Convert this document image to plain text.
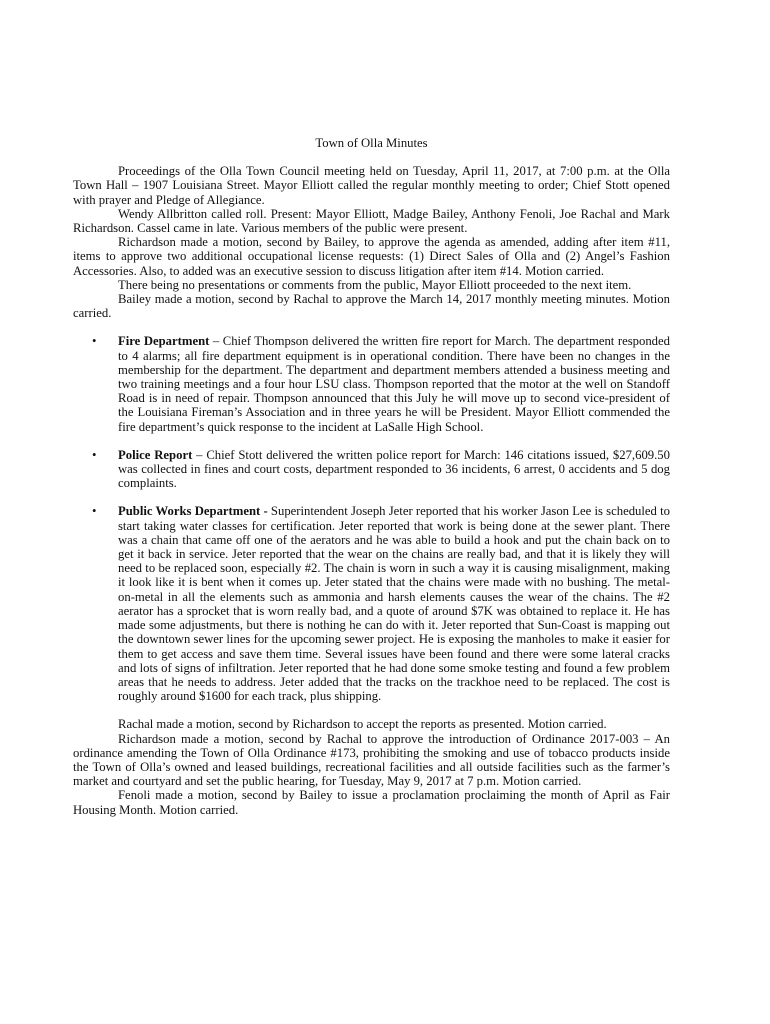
Town of Olla Minutes

Proceedings of the Olla Town Council meeting held on Tuesday, April 11, 2017, at 7:00 p.m. at the Olla Town Hall – 1907 Louisiana Street. Mayor Elliott called the regular monthly meeting to order; Chief Stott opened with prayer and Pledge of Allegiance.

Wendy Allbritton called roll. Present: Mayor Elliott, Madge Bailey, Anthony Fenoli, Joe Rachal and Mark Richardson. Cassel came in late. Various members of the public were present.

Richardson made a motion, second by Bailey, to approve the agenda as amended, adding after item #11, items to approve two additional occupational license requests: (1) Direct Sales of Olla and (2) Angel’s Fashion Accessories. Also, to added was an executive session to discuss litigation after item #14. Motion carried.

There being no presentations or comments from the public, Mayor Elliott proceeded to the next item.

Bailey made a motion, second by Rachal to approve the March 14, 2017 monthly meeting minutes. Motion carried.

• Fire Department – Chief Thompson delivered the written fire report for March. The department responded to 4 alarms; all fire department equipment is in operational condition. There have been no changes in the membership for the department. The department and department members attended a business meeting and two training meetings and a four hour LSU class. Thompson reported that the motor at the well on Standoff Road is in need of repair. Thompson announced that this July he will move up to second vice-president of the Louisiana Fireman’s Association and in three years he will be President. Mayor Elliott commended the fire department’s quick response to the incident at LaSalle High School.
• Police Report – Chief Stott delivered the written police report for March: 146 citations issued, $27,609.50 was collected in fines and court costs, department responded to 36 incidents, 6 arrest, 0 accidents and 5 dog complaints.
• Public Works Department - Superintendent Joseph Jeter reported that his worker Jason Lee is scheduled to start taking water classes for certification. Jeter reported that work is being done at the sewer plant. There was a chain that came off one of the aerators and he was able to build a hook and put the chain back on to get it back in service. Jeter reported that the wear on the chains are really bad, and that it is likely they will need to be replaced soon, especially #2. The chain is worn in such a way it is causing misalignment, making it look like it is bent when it comes up. Jeter stated that the chains were made with no bushing. The metal-on-metal in all the elements such as ammonia and harsh elements causes the wear of the chains. The #2 aerator has a sprocket that is worn really bad, and a quote of around $7K was obtained to replace it. He has made some adjustments, but there is nothing he can do with it. Jeter reported that Sun-Coast is mapping out the downtown sewer lines for the upcoming sewer project. He is exposing the manholes to make it easier for them to get access and save them time. Several issues have been found and there were some lateral cracks and lots of signs of infiltration. Jeter reported that he had done some smoke testing and found a few problem areas that he needs to address. Jeter added that the tracks on the trackhoe need to be replaced. The cost is roughly around $1600 for each track, plus shipping.

Rachal made a motion, second by Richardson to accept the reports as presented. Motion carried.

Richardson made a motion, second by Rachal to approve the introduction of Ordinance 2017-003 – An ordinance amending the Town of Olla Ordinance #173, prohibiting the smoking and use of tobacco products inside the Town of Olla’s owned and leased buildings, recreational facilities and all outside facilities such as the farmer’s market and courtyard and set the public hearing, for Tuesday, May 9, 2017 at 7 p.m. Motion carried.

Fenoli made a motion, second by Bailey to issue a proclamation proclaiming the month of April as Fair Housing Month. Motion carried.
